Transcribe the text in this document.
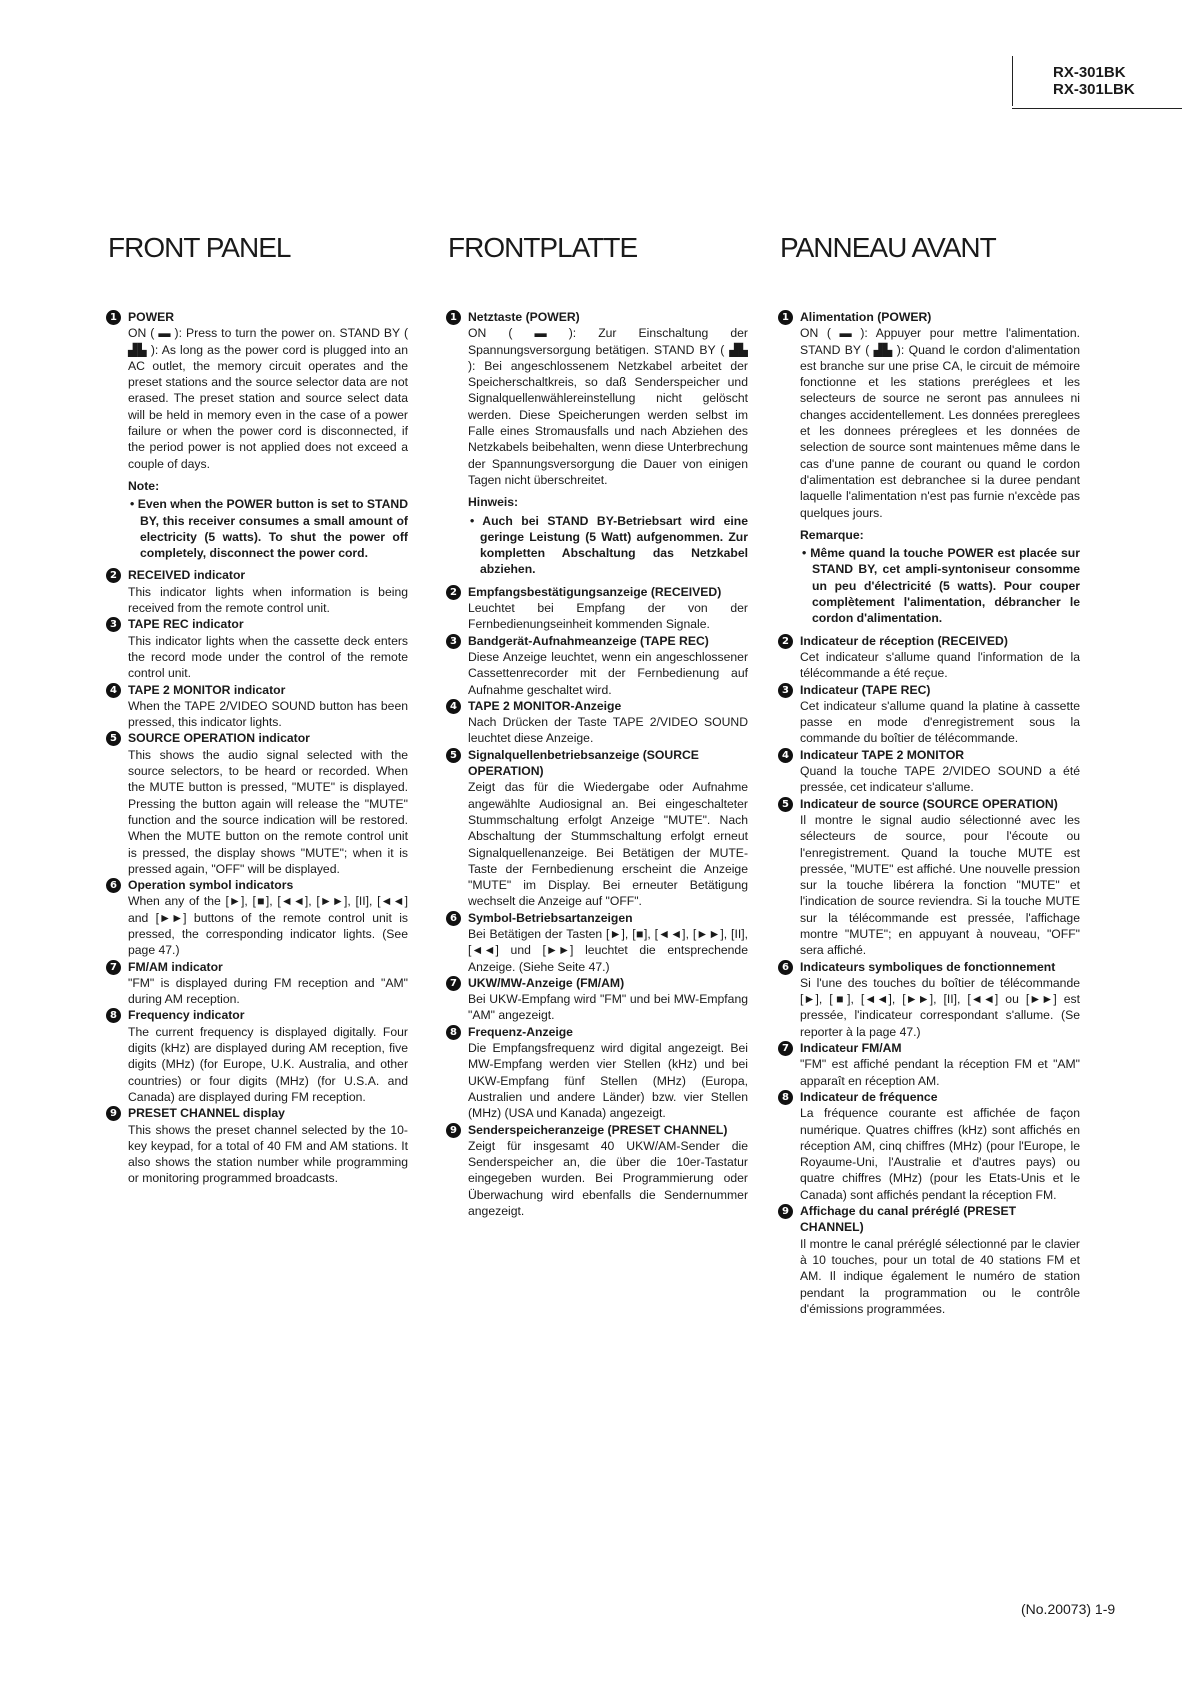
RX-301BK
RX-301LBK
FRONT PANEL
1 POWER
ON ( ▬ ): Press to turn the power on. STAND BY ( ▟▙ ): As long as the power cord is plugged into an AC outlet, the memory circuit operates and the preset stations and the source selector data are not erased. The preset station and source select data will be held in memory even in the case of a power failure or when the power cord is disconnected, if the period power is not applied does not exceed a couple of days.
Note:
• Even when the POWER button is set to STAND BY, this receiver consumes a small amount of electricity (5 watts). To shut the power off completely, disconnect the power cord.
2 RECEIVED indicator
This indicator lights when information is being received from the remote control unit.
3 TAPE REC indicator
This indicator lights when the cassette deck enters the record mode under the control of the remote control unit.
4 TAPE 2 MONITOR indicator
When the TAPE 2/VIDEO SOUND button has been pressed, this indicator lights.
5 SOURCE OPERATION indicator
This shows the audio signal selected with the source selectors, to be heard or recorded. When the MUTE button is pressed, "MUTE" is displayed. Pressing the button again will release the "MUTE" function and the source indication will be restored. When the MUTE button on the remote control unit is pressed, the display shows "MUTE"; when it is pressed again, "OFF" will be displayed.
6 Operation symbol indicators
When any of the [►], [■], [◄◄], [►►], [II], [◄◄] and [►►] buttons of the remote control unit is pressed, the corresponding indicator lights. (See page 47.)
7 FM/AM indicator
"FM" is displayed during FM reception and "AM" during AM reception.
8 Frequency indicator
The current frequency is displayed digitally. Four digits (kHz) are displayed during AM reception, five digits (MHz) (for Europe, U.K. Australia, and other countries) or four digits (MHz) (for U.S.A. and Canada) are displayed during FM reception.
9 PRESET CHANNEL display
This shows the preset channel selected by the 10-key keypad, for a total of 40 FM and AM stations. It also shows the station number while programming or monitoring programmed broadcasts.
FRONTPLATTE
1 Netztaste (POWER)
ON ( ▬ ): Zur Einschaltung der Spannungsversorgung betätigen. STAND BY ( ▟▙ ): Bei angeschlossenem Netzkabel arbeitet der Speicherschaltkreis, so daß Senderspeicher und Signalquellenwählereinstellung nicht gelöscht werden. Diese Speicherungen werden selbst im Falle eines Stromausfalls und nach Abziehen des Netzkabels beibehalten, wenn diese Unterbrechung der Spannungsversorgung die Dauer von einigen Tagen nicht überschreitet.
Hinweis:
• Auch bei STAND BY-Betriebsart wird eine geringe Leistung (5 Watt) aufgenommen. Zur kompletten Abschaltung das Netzkabel abziehen.
2 Empfangsbestätigungsanzeige (RECEIVED)
Leuchtet bei Empfang der von der Fernbedienungseinheit kommenden Signale.
3 Bandgerät-Aufnahmeanzeige (TAPE REC)
Diese Anzeige leuchtet, wenn ein angeschlossener Cassettenrecorder mit der Fernbedienung auf Aufnahme geschaltet wird.
4 TAPE 2 MONITOR-Anzeige
Nach Drücken der Taste TAPE 2/VIDEO SOUND leuchtet diese Anzeige.
5 Signalquellenbetriebsanzeige (SOURCE OPERATION)
Zeigt das für die Wiedergabe oder Aufnahme angewählte Audiosignal an. Bei eingeschalteter Stummschaltung erfolgt Anzeige "MUTE". Nach Abschaltung der Stummschaltung erfolgt erneut Signalquellenanzeige. Bei Betätigen der MUTE-Taste der Fernbedienung erscheint die Anzeige "MUTE" im Display. Bei erneuter Betätigung wechselt die Anzeige auf "OFF".
6 Symbol-Betriebsartanzeigen
Bei Betätigen der Tasten [►], [■], [◄◄], [►►], [II], [◄◄] und [►►] leuchtet die entsprechende Anzeige. (Siehe Seite 47.)
7 UKW/MW-Anzeige (FM/AM)
Bei UKW-Empfang wird "FM" und bei MW-Empfang "AM" angezeigt.
8 Frequenz-Anzeige
Die Empfangsfrequenz wird digital angezeigt. Bei MW-Empfang werden vier Stellen (kHz) und bei UKW-Empfang fünf Stellen (MHz) (Europa, Australien und andere Länder) bzw. vier Stellen (MHz) (USA und Kanada) angezeigt.
9 Senderspeicheranzeige (PRESET CHANNEL)
Zeigt für insgesamt 40 UKW/AM-Sender die Senderspeicher an, die über die 10er-Tastatur eingegeben wurden. Bei Programmierung oder Überwachung wird ebenfalls die Sendernummer angezeigt.
PANNEAU AVANT
1 Alimentation (POWER)
ON ( ▬ ): Appuyer pour mettre l'alimentation. STAND BY ( ▟▙ ): Quand le cordon d'alimentation est branche sur une prise CA, le circuit de mémoire fonctionne et les stations preréglees et les selecteurs de source ne seront pas annulees ni changes accidentellement. Les données prereglees et les donnees préreglees et les données de selection de source sont maintenues même dans le cas d'une panne de courant ou quand le cordon d'alimentation est debranchee si la duree pendant laquelle l'alimentation n'est pas furnie n'excède pas quelques jours.
Remarque:
• Même quand la touche POWER est placée sur STAND BY, cet ampli-syntoniseur consomme un peu d'électricité (5 watts). Pour couper complètement l'alimentation, débrancher le cordon d'alimentation.
2 Indicateur de réception (RECEIVED)
Cet indicateur s'allume quand l'information de la télécommande a été reçue.
3 Indicateur (TAPE REC)
Cet indicateur s'allume quand la platine à cassette passe en mode d'enregistrement sous la commande du boîtier de télécommande.
4 Indicateur TAPE 2 MONITOR
Quand la touche TAPE 2/VIDEO SOUND a été pressée, cet indicateur s'allume.
5 Indicateur de source (SOURCE OPERATION)
Il montre le signal audio sélectionné avec les sélecteurs de source, pour l'écoute ou l'enregistrement. Quand la touche MUTE est pressée, "MUTE" est affiché. Une nouvelle pression sur la touche libérera la fonction "MUTE" et l'indication de source reviendra. Si la touche MUTE sur la télécommande est pressée, l'affichage montre "MUTE"; en appuyant à nouveau, "OFF" sera affiché.
6 Indicateurs symboliques de fonctionnement
Si l'une des touches du boîtier de télécommande [►], [■], [◄◄], [►►], [II], [◄◄] ou [►►] est pressée, l'indicateur correspondant s'allume. (Se reporter à la page 47.)
7 Indicateur FM/AM
"FM" est affiché pendant la réception FM et "AM" apparaît en réception AM.
8 Indicateur de fréquence
La fréquence courante est affichée de façon numérique. Quatres chiffres (kHz) sont affichés en réception AM, cinq chiffres (MHz) (pour l'Europe, le Royaume-Uni, l'Australie et d'autres pays) ou quatre chiffres (MHz) (pour les Etats-Unis et le Canada) sont affichés pendant la réception FM.
9 Affichage du canal préréglé (PRESET CHANNEL)
Il montre le canal préréglé sélectionné par le clavier à 10 touches, pour un total de 40 stations FM et AM. Il indique également le numéro de station pendant la programmation ou le contrôle d'émissions programmées.
(No.20073) 1-9
